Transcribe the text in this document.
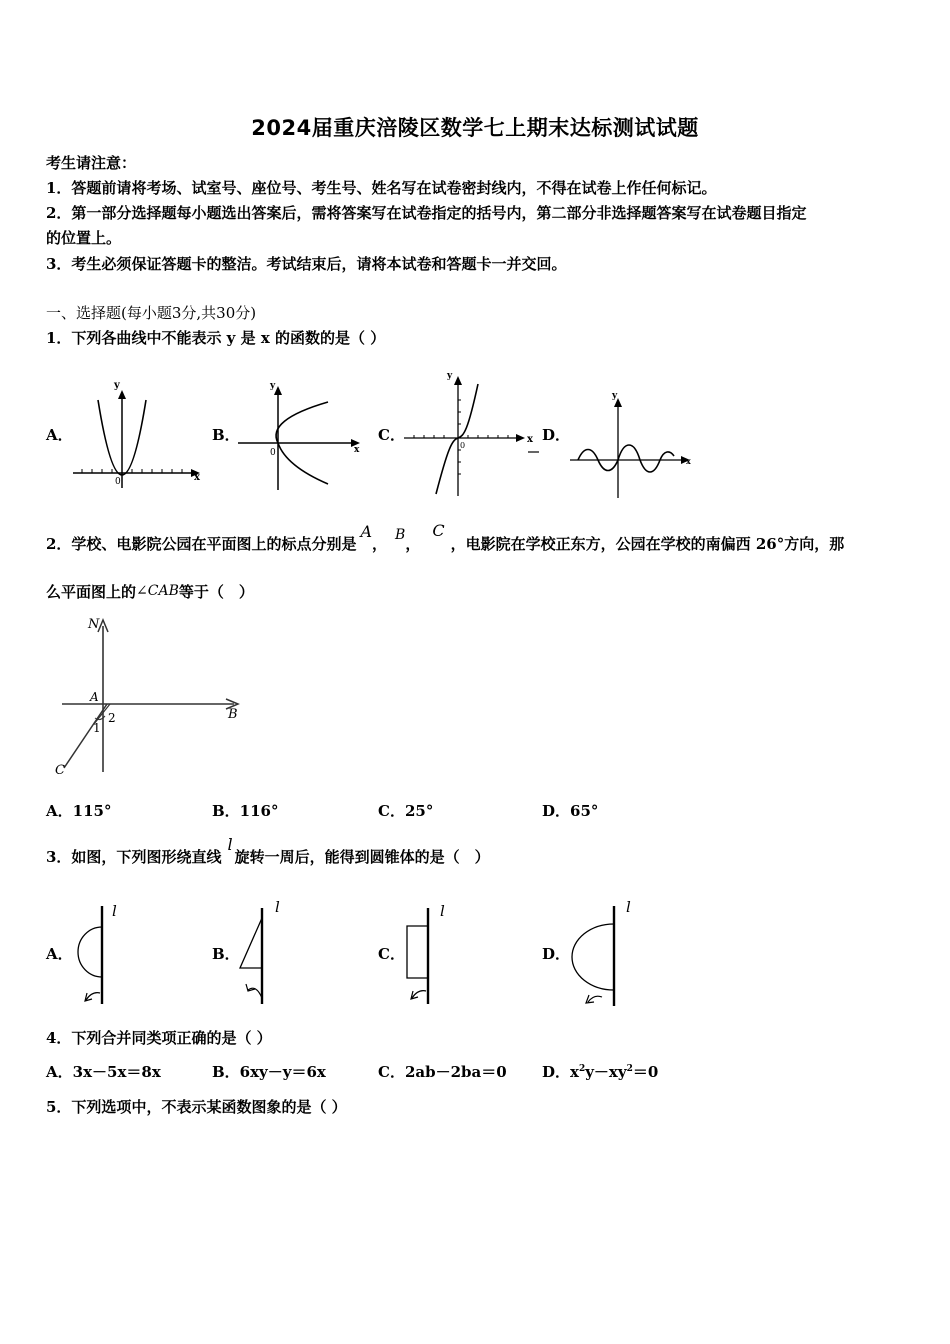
2024届重庆涪陵区数学七上期末达标测试试题
考生请注意：
1．答题前请将考场、试室号、座位号、考生号、姓名写在试卷密封线内，不得在试卷上作任何标记。
2．第一部分选择题每小题选出答案后，需将答案写在试卷指定的括号内，第二部分非选择题答案写在试卷题目指定
的位置上。
3．考生必须保证答题卡的整洁。考试结束后，请将本试卷和答题卡一并交回。
一、选择题(每小题3分,共30分)
1．下列各曲线中不能表示 y 是 x 的函数的是（ ）
A．
y
0	x
B．
y
0	x
C．
y
0
x D．
y
x
2．学校、电影院公园在平面图上的标点分别是A， B，C，电影院在学校正东方，公园在学校的南偏西 26°方向，那
么平面图上的∠CAB等于（　）
N
A
B
C
1
2
A．115°	B．116°	C．25°	D．65°
3．如图，下列图形绕直线l旋转一周后，能得到圆锥体的是（　）
A．
l
B．
l
C．
l
D．
l
4．下列合并同类项正确的是（ ）
A．3x－5x＝8x	B．6xy－y＝6x	C．2ab－2ba＝0 D．$x^2y-xy^2=0$
5．下列选项中，不表示某函数图象的是（ ）
